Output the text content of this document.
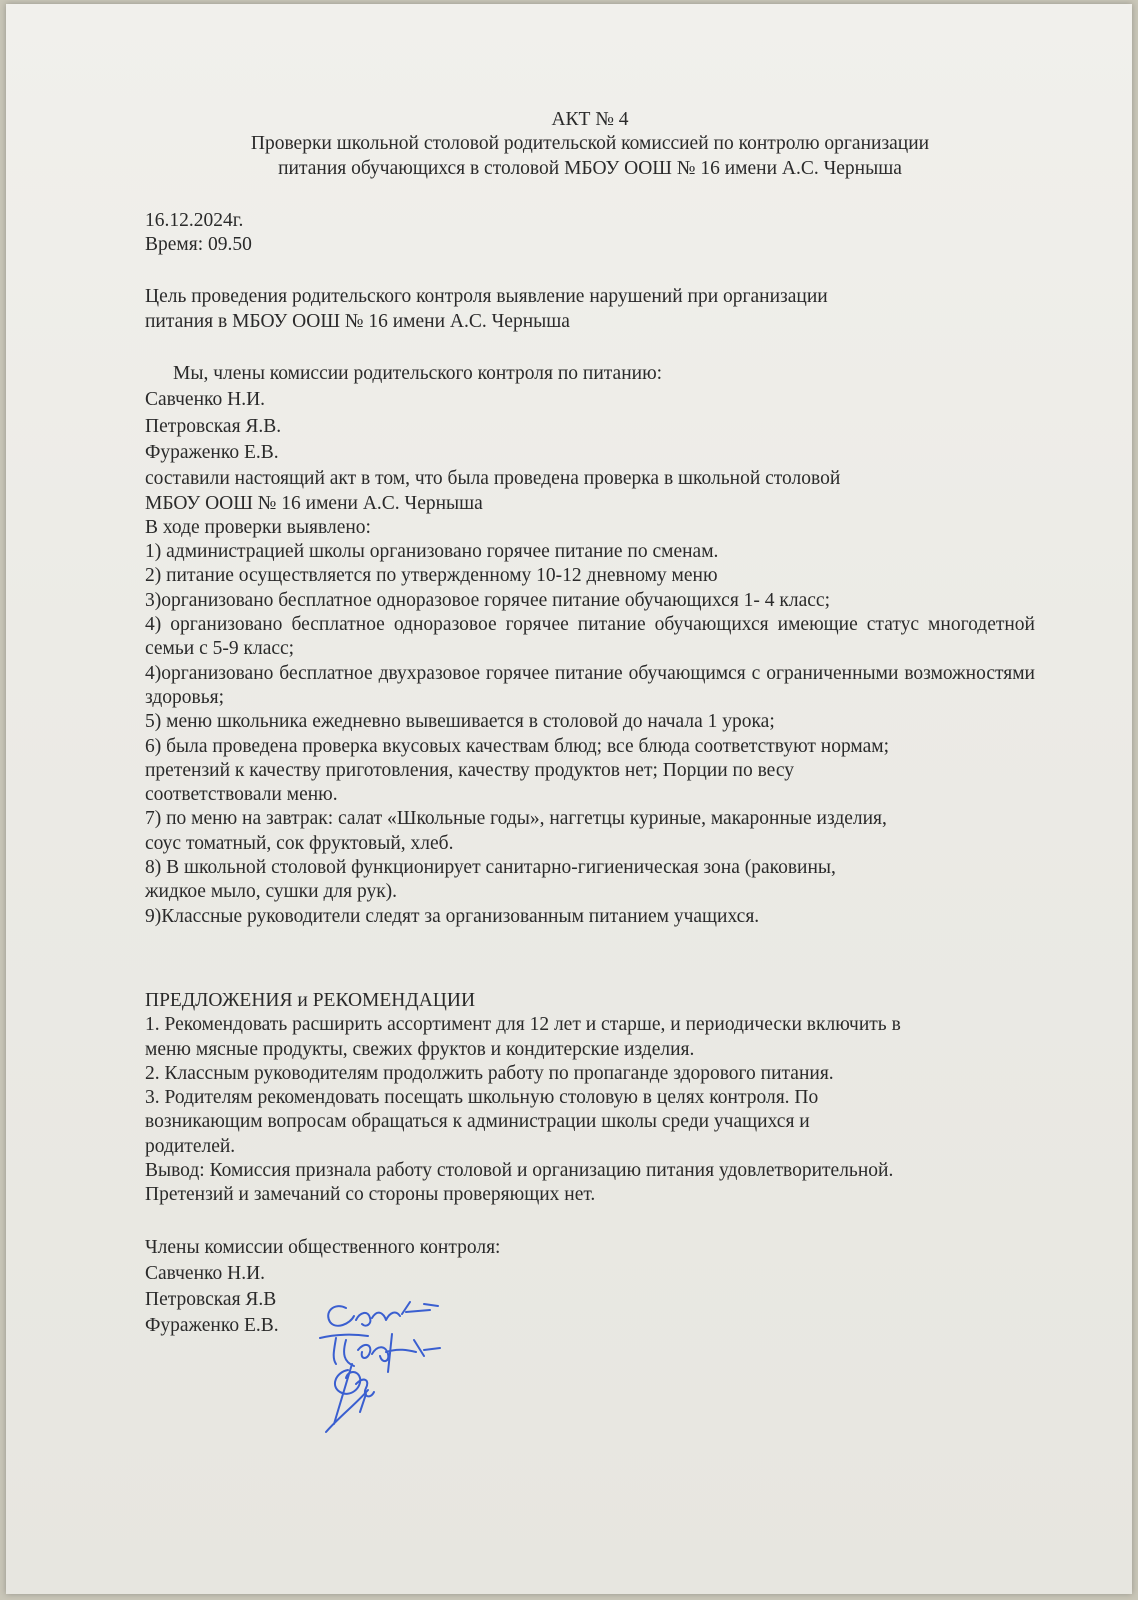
АКТ № 4

Проверки школьной столовой родительской комиссией по контролю организации

питания обучающихся в столовой МБОУ ООШ № 16 имени А.С. Черныша

16.12.2024г.

Время: 09.50

Цель проведения родительского контроля выявление нарушений при организации

питания в МБОУ ООШ № 16 имени А.С. Черныша

Мы, члены комиссии родительского контроля по питанию:

Савченко Н.И.

Петровская Я.В.

Фураженко Е.В.

составили настоящий акт в том, что была проведена проверка в школьной столовой

МБОУ ООШ № 16 имени А.С. Черныша

В ходе проверки выявлено:

1) администрацией школы организовано горячее питание по сменам.

2) питание осуществляется по утвержденному 10-12 дневному меню

3)организовано бесплатное одноразовое горячее питание обучающихся 1- 4 класс;

4) организовано бесплатное одноразовое горячее питание обучающихся имеющие статус многодетной семьи с 5-9 класс;

4)организовано бесплатное двухразовое горячее питание обучающимся с ограниченными возможностями здоровья;

5) меню школьника ежедневно вывешивается в столовой до начала 1 урока;

6) была проведена проверка вкусовых качествам блюд; все блюда соответствуют нормам;

претензий к качеству приготовления, качеству продуктов нет; Порции по весу

соответствовали меню.

7) по меню на завтрак: салат «Школьные годы», наггетцы куриные, макаронные изделия,

соус томатный, сок фруктовый, хлеб.

8) В школьной столовой функционирует санитарно-гигиеническая зона (раковины,

жидкое мыло, сушки для рук).

9)Классные руководители следят за организованным питанием учащихся.

ПРЕДЛОЖЕНИЯ и РЕКОМЕНДАЦИИ

1. Рекомендовать расширить ассортимент для 12 лет и старше, и периодически включить в

меню мясные продукты, свежих фруктов и кондитерские изделия.

2. Классным руководителям продолжить работу по пропаганде здорового питания.

3. Родителям рекомендовать посещать школьную столовую в целях контроля. По

возникающим вопросам обращаться к администрации школы среди учащихся и

родителей.

Вывод: Комиссия признала работу столовой и организацию питания удовлетворительной.

Претензий и замечаний со стороны проверяющих нет.

Члены комиссии общественного контроля:

Савченко Н.И.

Петровская Я.В

Фураженко Е.В.
